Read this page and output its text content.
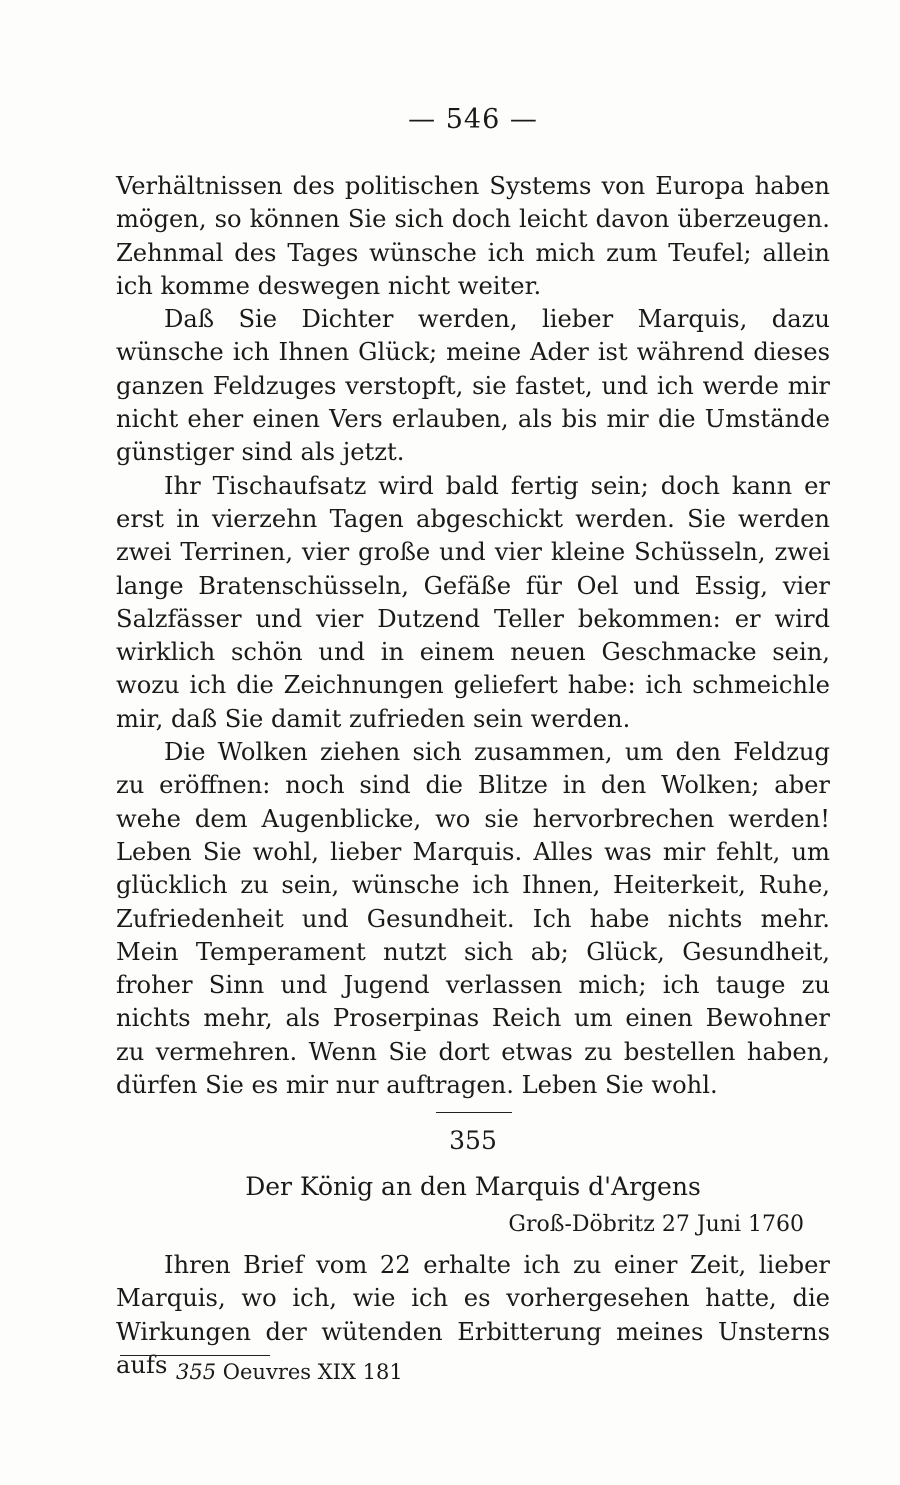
— 546 —

Verhältnissen des politischen Systems von Europa haben mögen, so können Sie sich doch leicht davon überzeugen. Zehnmal des Tages wünsche ich mich zum Teufel; allein ich komme deswegen nicht weiter.

Daß Sie Dichter werden, lieber Marquis, dazu wünsche ich Ihnen Glück; meine Ader ist während dieses ganzen Feldzuges verstopft, sie fastet, und ich werde mir nicht eher einen Vers erlauben, als bis mir die Umstände günstiger sind als jetzt.

Ihr Tischaufsatz wird bald fertig sein; doch kann er erst in vierzehn Tagen abgeschickt werden. Sie werden zwei Terrinen, vier große und vier kleine Schüsseln, zwei lange Bratenschüsseln, Gefäße für Oel und Essig, vier Salzfässer und vier Dutzend Teller bekommen: er wird wirklich schön und in einem neuen Geschmacke sein, wozu ich die Zeichnungen geliefert habe: ich schmeichle mir, daß Sie damit zufrieden sein werden.

Die Wolken ziehen sich zusammen, um den Feldzug zu eröffnen: noch sind die Blitze in den Wolken; aber wehe dem Augenblicke, wo sie hervorbrechen werden! Leben Sie wohl, lieber Marquis. Alles was mir fehlt, um glücklich zu sein, wünsche ich Ihnen, Heiterkeit, Ruhe, Zufriedenheit und Gesundheit. Ich habe nichts mehr. Mein Temperament nutzt sich ab; Glück, Gesundheit, froher Sinn und Jugend verlassen mich; ich tauge zu nichts mehr, als Proserpinas Reich um einen Bewohner zu vermehren. Wenn Sie dort etwas zu bestellen haben, dürfen Sie es mir nur auftragen. Leben Sie wohl.

355
Der König an den Marquis d'Argens
Groß-Döbritz 27 Juni 1760

Ihren Brief vom 22 erhalte ich zu einer Zeit, lieber Marquis, wo ich, wie ich es vorhergesehen hatte, die Wirkungen der wütenden Erbitterung meines Unsterns aufs 355 Oeuvres XIX 181
